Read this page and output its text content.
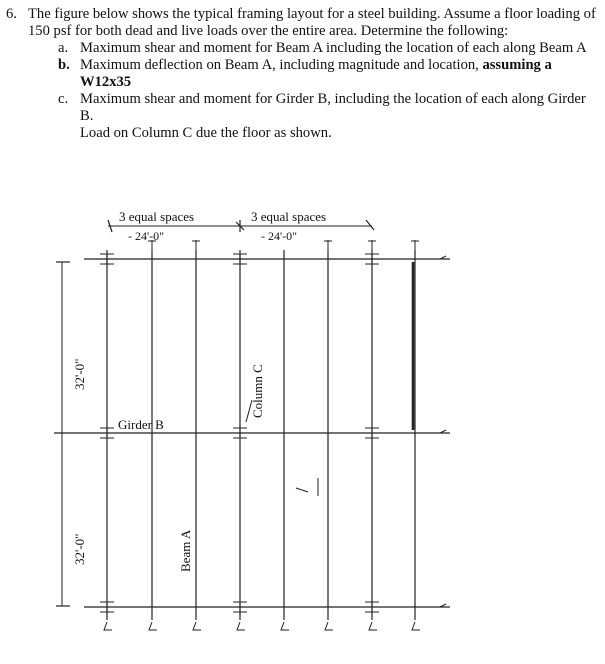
6. The figure below shows the typical framing layout for a steel building. Assume a floor loading of 150 psf for both dead and live loads over the entire area. Determine the following:
a. Maximum shear and moment for Beam A including the location of each along Beam A
b. Maximum deflection on Beam A, including magnitude and location, assuming a W12x35
c. Maximum shear and moment for Girder B, including the location of each along Girder B.
Load on Column C due the floor as shown.
3 equal spaces
- 24'-0"
3 equal spaces
- 24'-0"
32'-0"
32'-0"
Girder B
Column C
Beam A
